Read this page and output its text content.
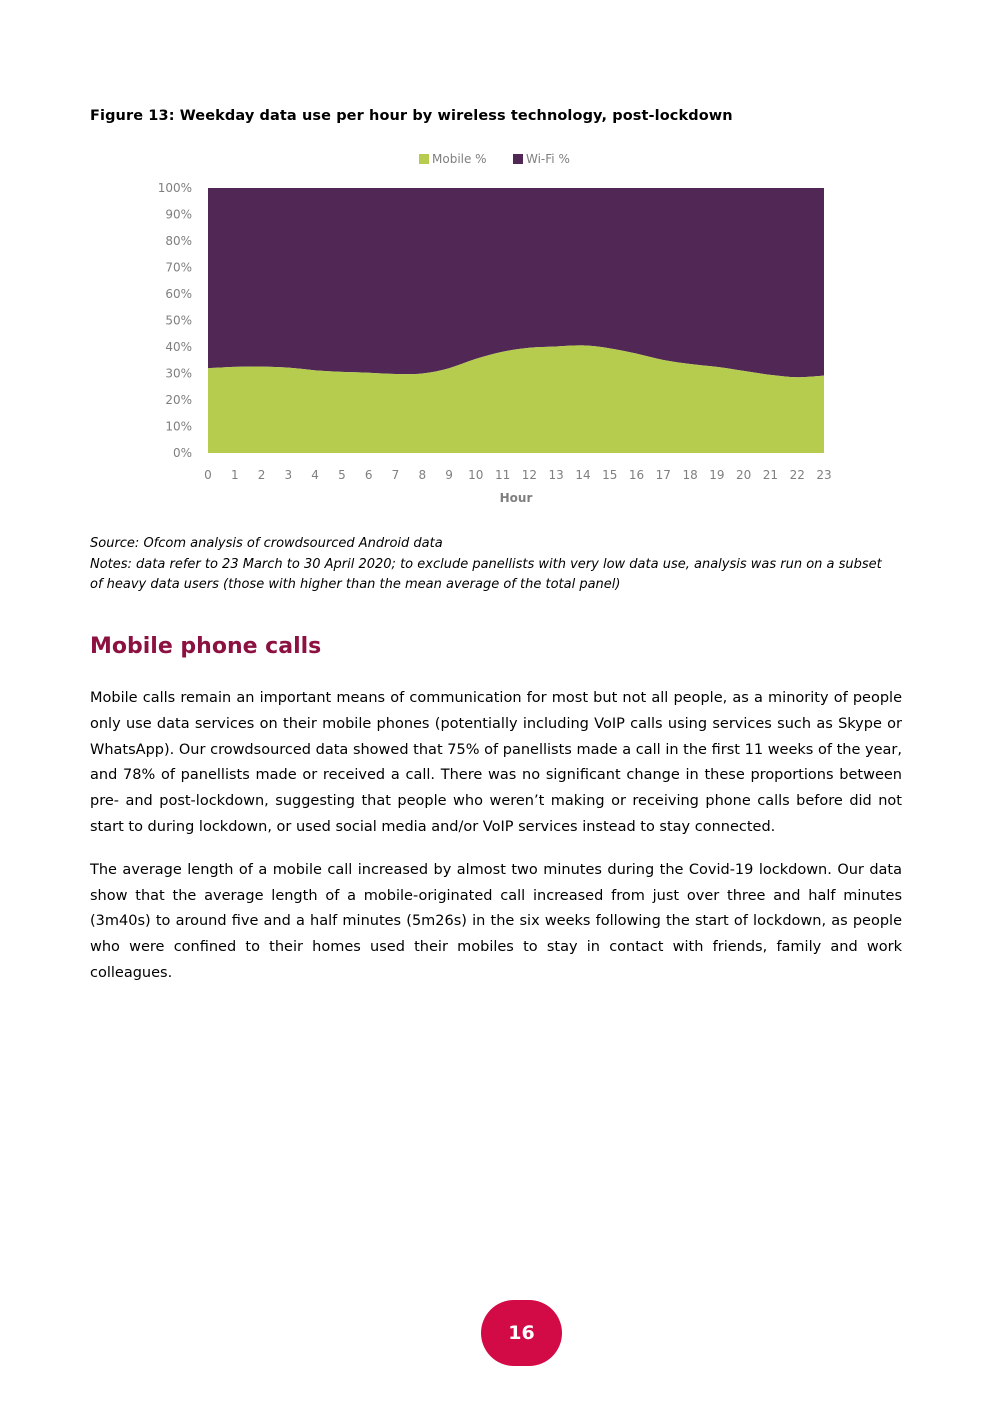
Figure 13: Weekday data use per hour by wireless technology, post-lockdown
0%
10%
20%
30%
40%
50%
60%
70%
80%
90%
100%
0 1 2 3 4 5 6 7 8 9 10 11 12 13 14 15 16 17 18 19 20 21 22 23
Hour
Mobile %	Wi-Fi %

Source: Ofcom analysis of crowdsourced Android data

Notes: data refer to 23 March to 30 April 2020; to exclude panellists with very low data use, analysis was run on a subset of heavy data users (those with higher than the mean average of the total panel)

Mobile phone calls

Mobile calls remain an important means of communication for most but not all people, as a minority of people only use data services on their mobile phones (potentially including VoIP calls using services such as Skype or WhatsApp). Our crowdsourced data showed that 75% of panellists made a call in the first 11 weeks of the year, and 78% of panellists made or received a call. There was no significant change in these proportions between pre- and post-lockdown, suggesting that people who weren’t making or receiving phone calls before did not start to during lockdown, or used social media and/or VoIP services instead to stay connected.

The average length of a mobile call increased by almost two minutes during the Covid-19 lockdown. Our data show that the average length of a mobile-originated call increased from just over three and half minutes (3m40s) to around five and a half minutes (5m26s) in the six weeks following the start of lockdown, as people who were confined to their homes used their mobiles to stay in contact with friends, family and work colleagues.

16
